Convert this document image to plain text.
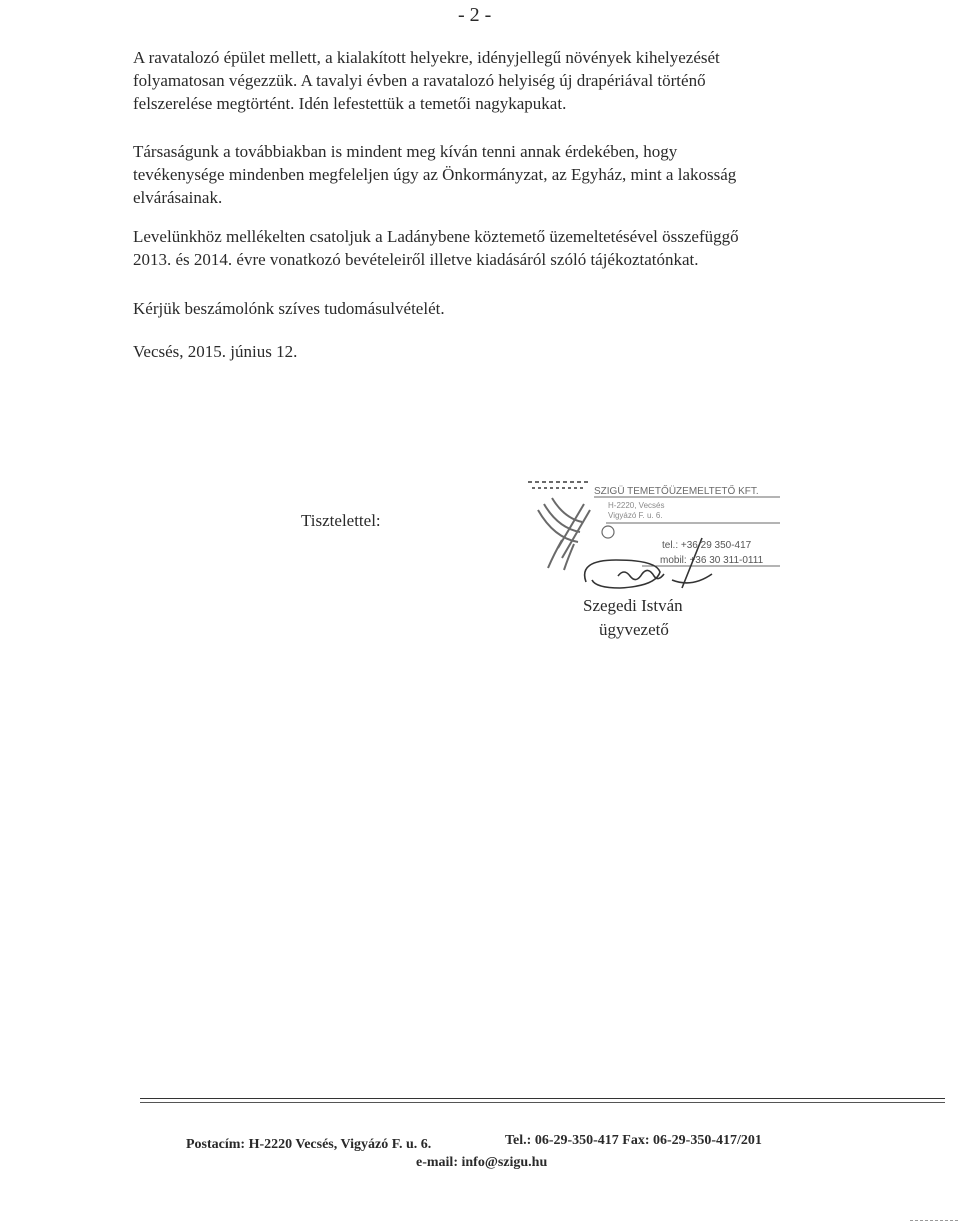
- 2 -

A ravatalozó épület mellett, a kialakított helyekre, idényjellegű növények kihelyezését
folyamatosan végezzük. A tavalyi évben a ravatalozó helyiség új drapériával történő
felszerelése megtörtént. Idén lefestettük a temetői nagykapukat.

Társaságunk a továbbiakban is mindent meg kíván tenni annak érdekében, hogy
tevékenysége mindenben megfeleljen úgy az Önkormányzat, az Egyház, mint a lakosság
elvárásainak.

Levelünkhöz mellékelten csatoljuk a Ladánybene köztemető üzemeltetésével összefüggő
2013. és 2014. évre vonatkozó bevételeiről illetve kiadásáról szóló tájékoztatónkat.

Kérjük beszámolónk szíves tudomásulvételét.

Vecsés, 2015. június 12.

Tisztelettel:
SZIGÜ TEMETŐÜZEMELTETŐ KFT.
H-2220, Vecsés
Vigyázó F. u. 6.
tel.: +36 29 350-417
mobil: +36 30 311-0111
Szegedi István
ügyvezető
Postacím: H-2220 Vecsés, Vigyázó F. u. 6.	Tel.: 06-29-350-417 Fax: 06-29-350-417/201
e-mail: info@szigu.hu
